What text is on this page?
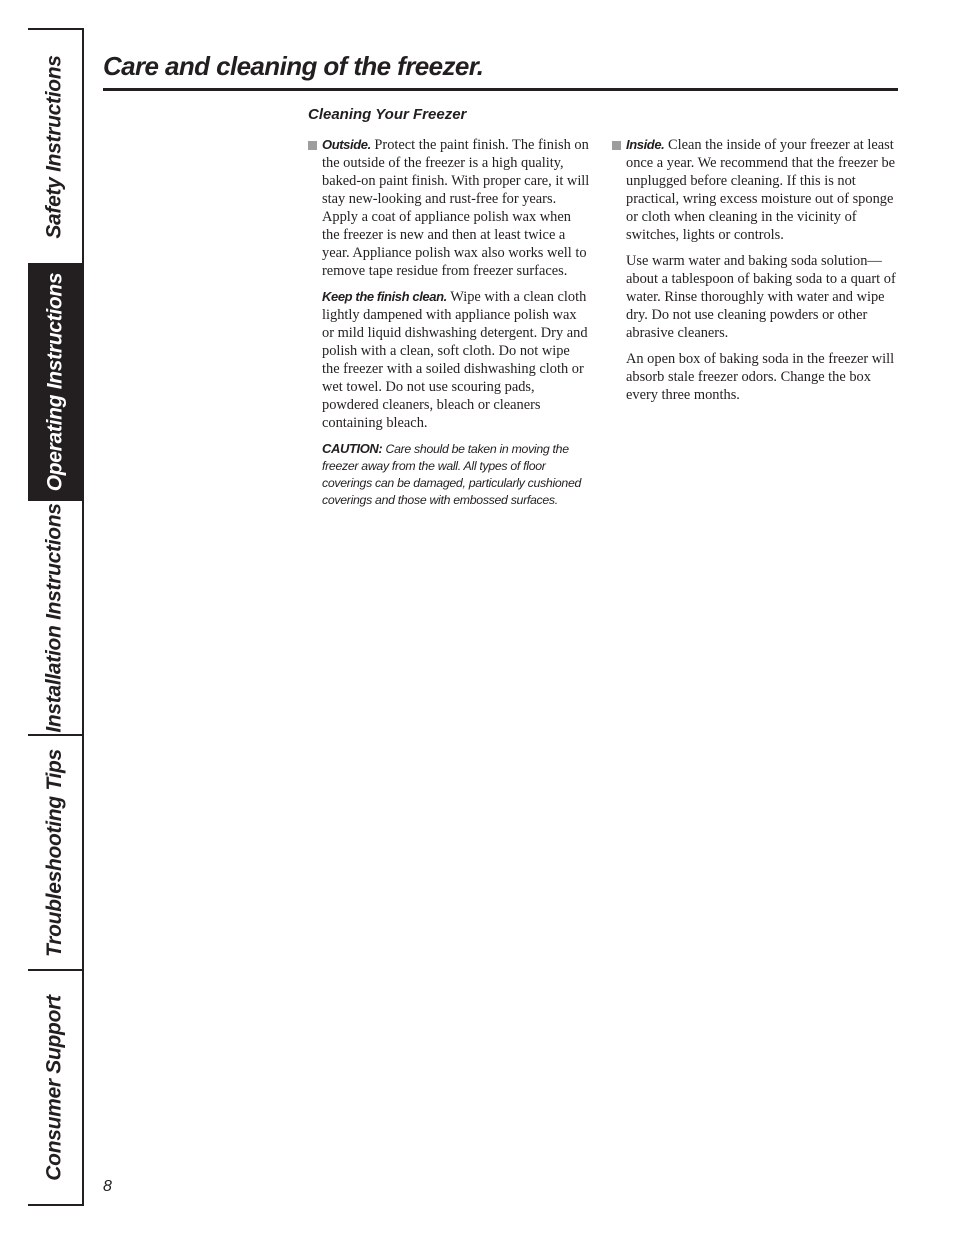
Safety Instructions
Operating Instructions
Installation Instructions
Troubleshooting Tips
Consumer Support
Care and cleaning of the freezer.
Cleaning Your Freezer

Outside. Protect the paint finish. The finish on the outside of the freezer is a high quality, baked-on paint finish. With proper care, it will stay new-looking and rust-free for years. Apply a coat of appliance polish wax when the freezer is new and then at least twice a year. Appliance polish wax also works well to remove tape residue from freezer surfaces.

Keep the finish clean. Wipe with a clean cloth lightly dampened with appliance polish wax or mild liquid dishwashing detergent. Dry and polish with a clean, soft cloth. Do not wipe the freezer with a soiled dishwashing cloth or wet towel. Do not use scouring pads, powdered cleaners, bleach or cleaners containing bleach.

CAUTION: Care should be taken in moving the freezer away from the wall. All types of floor coverings can be damaged, particularly cushioned coverings and those with embossed surfaces.

Inside. Clean the inside of your freezer at least once a year. We recommend that the freezer be unplugged before cleaning. If this is not practical, wring excess moisture out of sponge or cloth when cleaning in the vicinity of switches, lights or controls.

Use warm water and baking soda solution—about a tablespoon of baking soda to a quart of water. Rinse thoroughly with water and wipe dry. Do not use cleaning powders or other abrasive cleaners.

An open box of baking soda in the freezer will absorb stale freezer odors. Change the box every three months.

8
